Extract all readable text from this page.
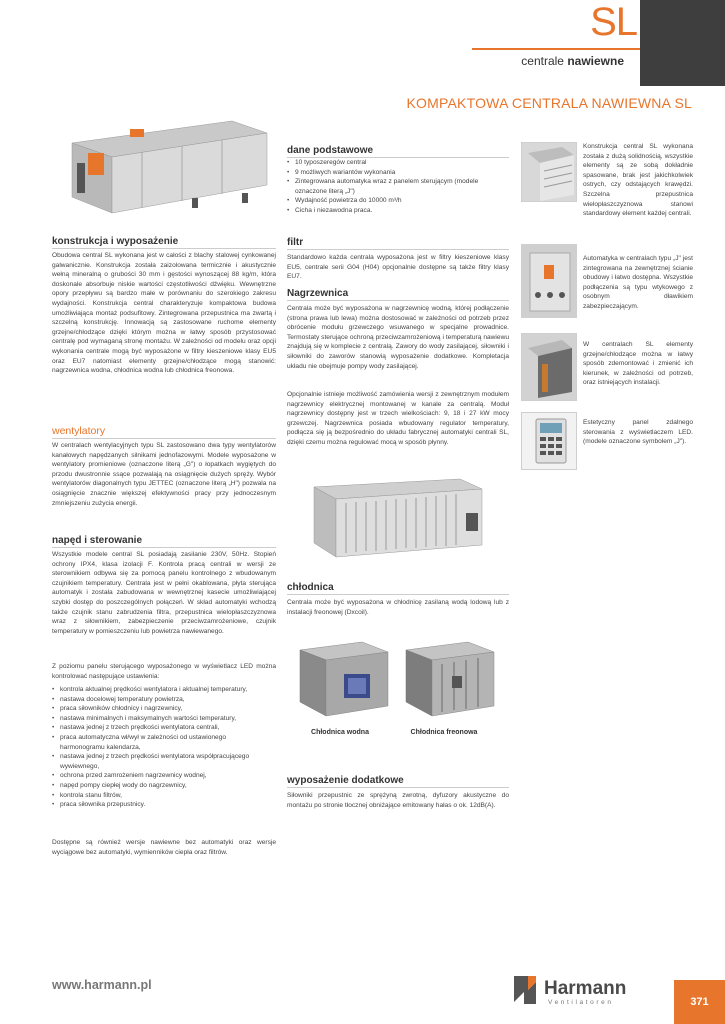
SL
centrale nawiewne
KOMPAKTOWA CENTRALA NAWIEWNA SL
konstrukcja i wyposażenie
Obudowa central SL wykonana jest w całości z blachy stalowej cynkowanej galwanicznie. Konstrukcja została zaizolowana termicznie i akustycznie wełną mineralną o grubości 30 mm i gęstości wynoszącej 88 kg/m, która doskonale absorbuje niskie wartości częstotliwości dźwięku. Wewnętrzne opory przepływu są bardzo małe w porównaniu do szerokiego zakresu wydajności. Konstrukcja central charakteryzuje kompaktowa budowa umożliwiająca montaż podsufitowy. Zintegrowana przepustnica ma zwartą i szczelną konstrukcję. Innowacją są zastosowane ruchome elementy grzejne/chłodzące dzięki którym można w łatwy sposób przystosować centralę pod wymaganą stronę montażu. W zależności od modelu oraz opcji wykonania centrale mogą być wyposażone w filtry kieszeniowe klasy EU5 oraz EU7 natomiast elementy grzejne/chłodzące mogą stanowić: nagrzewnica wodna, chłodnica wodna lub chłodnica freonowa.
wentylatory
W centralach wentylacyjnych typu SL zastosowano dwa typy wentylatorów kanałowych napędzanych silnikami jednofazowymi. Modele wyposażone w wentylatory promieniowe (oznaczone literą „G") o łopatkach wygiętych do przodu dwustronnie ssące pozwalają na osiągnięcie dużych spręży. Wybór wentylatorów diagonalnych typu JETTEC (oznaczone literą „H") pozwala na osiągnięcie znacznie większej efektywności pracy przy jednoczesnym zmniejszeniu zużycia energii.
napęd i sterowanie
Wszystkie modele central SL posiadają zasilanie 230V, 50Hz. Stopień ochrony IPX4, klasa izolacji F. Kontrola pracą centrali w wersji ze sterownikiem odbywa się za pomocą panelu kontrolnego z wbudowanym czujnikiem temperatury. Centrala jest w pełni okablowana, płyta sterująca automatyk i została zabudowana w wewnętrznej kasecie umożliwiającej szybki dostęp do poszczególnych połączeń. W skład automatyki wchodzą także czujnik stanu zabrudzenia filtra, przepustnica wielopłaszczyznowa wraz z siłownikiem, zabezpieczenie przeciwzamrożeniowe, czujnik temperatury w pomieszczeniu lub powietrza nawiewanego.
Z poziomu panelu sterującego wyposażonego w wyświetlacz LED można kontrolować następujące ustawienia:
• kontrola aktualnej prędkości wentylatora i aktualnej temperatury,
• nastawa docelowej temperatury powietrza,
• praca siłowników chłodnicy i nagrzewnicy,
• nastawa minimalnych i maksymalnych wartości temperatury,
• nastawa jednej z trzech prędkości wentylatora centrali,
• praca automatyczna wł/wył w zależności od ustawionego harmonogramu kalendarza,
• nastawa jednej z trzech prędkości wentylatora współpracującego wywiewnego,
• ochrona przed zamrożeniem nagrzewnicy wodnej,
• napęd pompy ciepłej wody do nagrzewnicy,
• kontrola stanu filtrów,
• praca siłownika przepustnicy.
Dostępne są również wersje nawiewne bez automatyki oraz wersje wyciągowe bez automatyki, wymienników ciepła oraz filtrów.
dane podstawowe
• 10 typoszeregów central
• 9 możliwych wariantów wykonania
• Zintegrowana automatyka wraz z panelem sterującym (modele oznaczone literą „J")
• Wydajność powietrza do 10000 m³/h
• Cicha i niezawodna praca.
filtr
Standardowo każda centrala wyposażona jest w filtry kieszeniowe klasy EU5, centrale serii G04 (H04) opcjonalnie dostępne są także filtry klasy EU7.
Nagrzewnica
Centrala może być wyposażona w nagrzewnicę wodną, której podłączenie (strona prawa lub lewa) można dostosować w zależności od potrzeb przez obrócenie modułu grzewczego wsuwanego w specjalne prowadnice. Termostaty sterujące ochroną przeciwzamrożeniową i temperaturą nawiewu znajdują się w komplecie z centralą. Zawory do wody zasilającej, siłowniki i siłowniki do zaworów stanowią wyposażenie dodatkowe. Kompletacja układu nie obejmuje pompy wody zasilającej.
Opcjonalnie istnieje możliwość zamówienia wersji z zewnętrznym modułem nagrzewnicy elektrycznej montowanej w kanale za centralą. Moduł nagrzewnicy dostępny jest w trzech wielkościach: 9, 18 i 27 kW mocy grzewczej. Nagrzewnica posiada wbudowany regulator temperatury, podłącza się ją bezpośrednio do układu fabrycznej automatyki centrali SL, dzięki czemu można regulować mocą w sposób płynny.
chłodnica
Centrala może być wyposażona w chłodnicę zasilaną wodą lodową lub z instalacji freonowej (Dxcoil).
Chłodnica wodna	Chłodnica freonowa
wyposażenie dodatkowe
Siłowniki przepustnic ze sprężyną zwrotną, dyfuzory akustyczne do montażu po stronie tłocznej obniżające emitowany hałas o ok. 12dB(A).
Konstrukcja central SL wykonana została z dużą solidnością, wszystkie elementy są ze sobą dokładnie spasowane, brak jest jakichkolwiek ostrych, czy odstających krawędzi. Szczelna przepustnica wielopłaszczyznowa stanowi standardowy element każdej centrali.
Automatyka w centralach typu „J" jest zintegrowana na zewnętrznej ścianie obudowy i łatwo dostępna. Wszystkie podłączenia są typu wtykowego z osobnym dławikiem zabezpieczającym.
W centralach SL elementy grzejne/chłodzące można w łatwy sposób zdemontować i zmienić ich kierunek, w zależności od potrzeb, oraz istniejących instalacji.
Estetyczny panel zdalnego sterowania z wyświetlaczem LED. (modele oznaczone symbolem „J").
www.harmann.pl	Harmann
Ventilatoren	371
